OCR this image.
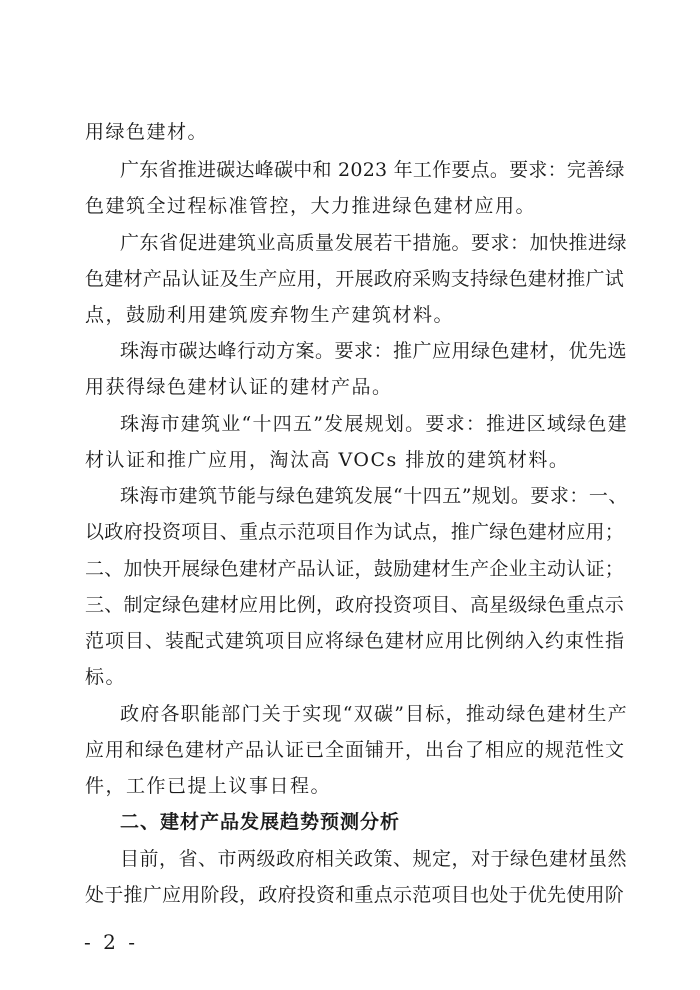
用绿色建材。
广东省推进碳达峰碳中和 2023 年工作要点。要求：完善绿
色建筑全过程标准管控，大力推进绿色建材应用。
广东省促进建筑业高质量发展若干措施。要求：加快推进绿
色建材产品认证及生产应用，开展政府采购支持绿色建材推广试
点，鼓励利用建筑废弃物生产建筑材料。
珠海市碳达峰行动方案。要求：推广应用绿色建材，优先选
用获得绿色建材认证的建材产品。
珠海市建筑业“十四五”发展规划。要求：推进区域绿色建
材认证和推广应用，淘汰高 VOCs 排放的建筑材料。
珠海市建筑节能与绿色建筑发展“十四五”规划。要求：一、
以政府投资项目、重点示范项目作为试点，推广绿色建材应用；
二、加快开展绿色建材产品认证，鼓励建材生产企业主动认证；
三、制定绿色建材应用比例，政府投资项目、高星级绿色重点示
范项目、装配式建筑项目应将绿色建材应用比例纳入约束性指
标。
政府各职能部门关于实现“双碳”目标，推动绿色建材生产
应用和绿色建材产品认证已全面铺开，出台了相应的规范性文
件，工作已提上议事日程。
二、建材产品发展趋势预测分析
目前，省、市两级政府相关政策、规定，对于绿色建材虽然
处于推广应用阶段，政府投资和重点示范项目也处于优先使用阶
- 2 -
